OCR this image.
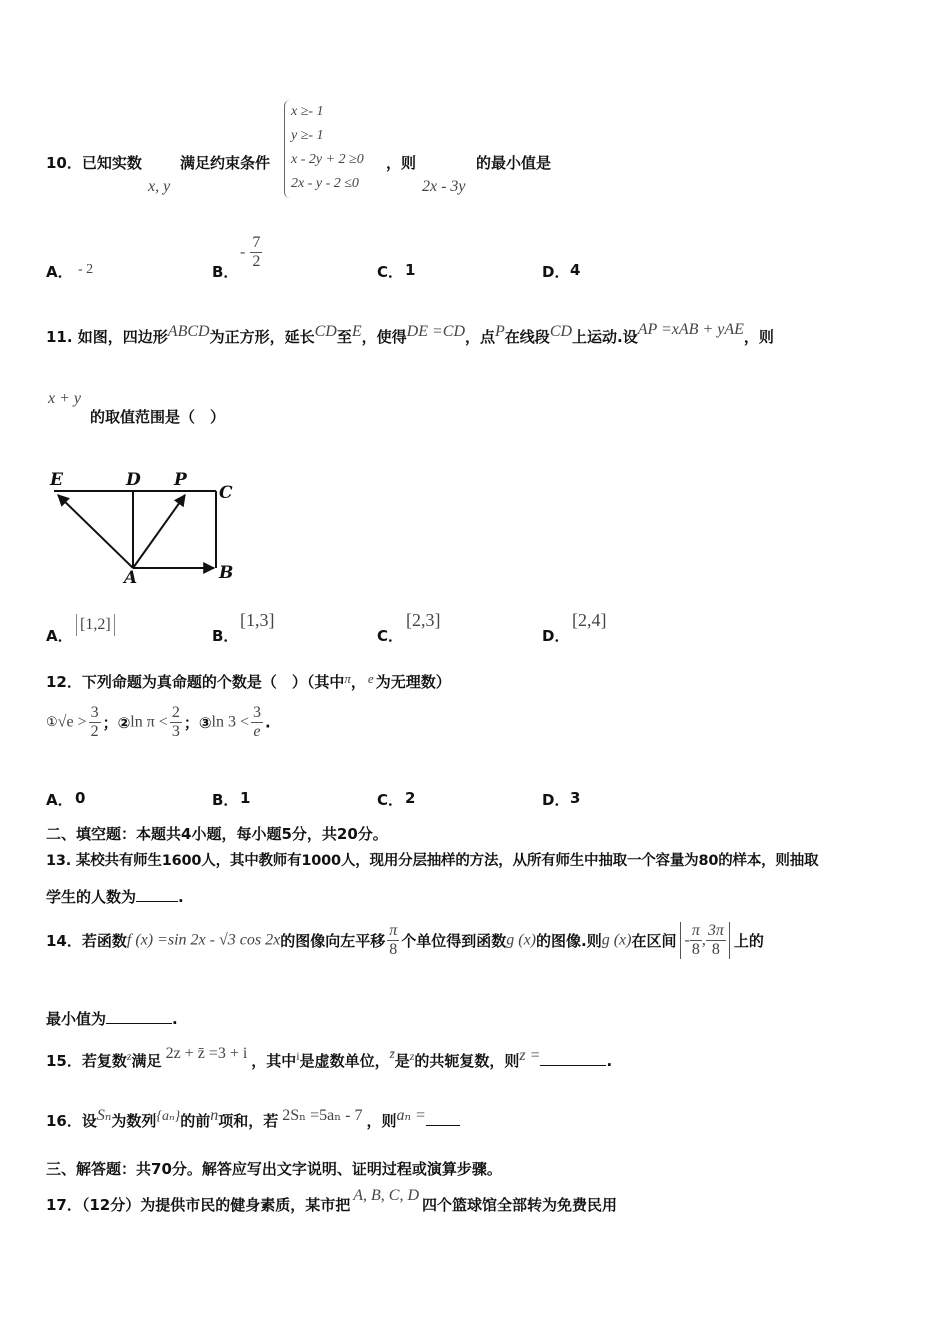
10．已知实数
x, y
满足约束条件
x ≥- 1
y ≥- 1
x - 2y + 2 ≥0
2x - y - 2 ≤0
，则
2x - 3y
的最小值是
A． - 2	B．
- $\frac{7}{2}$
C． 1	D． 4
11. 如图，四边形ABCD为正方形，延长CD至E，使得DE =CD，点P在线段CD上运动.设AP =xAB + yAE，则
x + y
的取值范围是（　）
E	D P
C
A	B
A．
[1,2]
B．
[1,3]
C．
[2,3]
D．
[2,4]
12．下列命题为真命题的个数是（　）（其中$^\pi$， $^e$ 为无理数）
①√e > $\frac{3}{2}$ ；②ln $\pi < \frac{2}{3}$ ；③ln $3 < \frac{3}{e}$ .
A． 0	B． 1	C． 2	D． 3
二、填空题：本题共4小题，每小题5分，共20分。
13. 某校共有师生1600人，其中教师有1000人，现用分层抽样的方法，从所有师生中抽取一个容量为80的样本，则抽取
学生的人数为	.
14．若函数f (x) =sin 2x - √3 cos 2x的图像向左平移 $\frac{\pi}{8}$ 个单位得到函数g (x)的图像.则g (x)在区间 - $\frac{\pi}{8}$ , $\frac{3\pi}{8}$ 上的
最小值为	.
15．若复数$^z$满足 2z + z̄ =3 + i ，其中$^i$是虚数单位，$^{z̄}$是$^z$的共轭复数，则z =	.
16．设Sₙ为数列{aₙ}的前n项和，若 2Sₙ =5aₙ - 7 ，则aₙ =
三、解答题：共70分。解答应写出文字说明、证明过程或演算步骤。
17．（12分）为提供市民的健身素质，某市把A, B, C, D四个篮球馆全部转为免费民用
